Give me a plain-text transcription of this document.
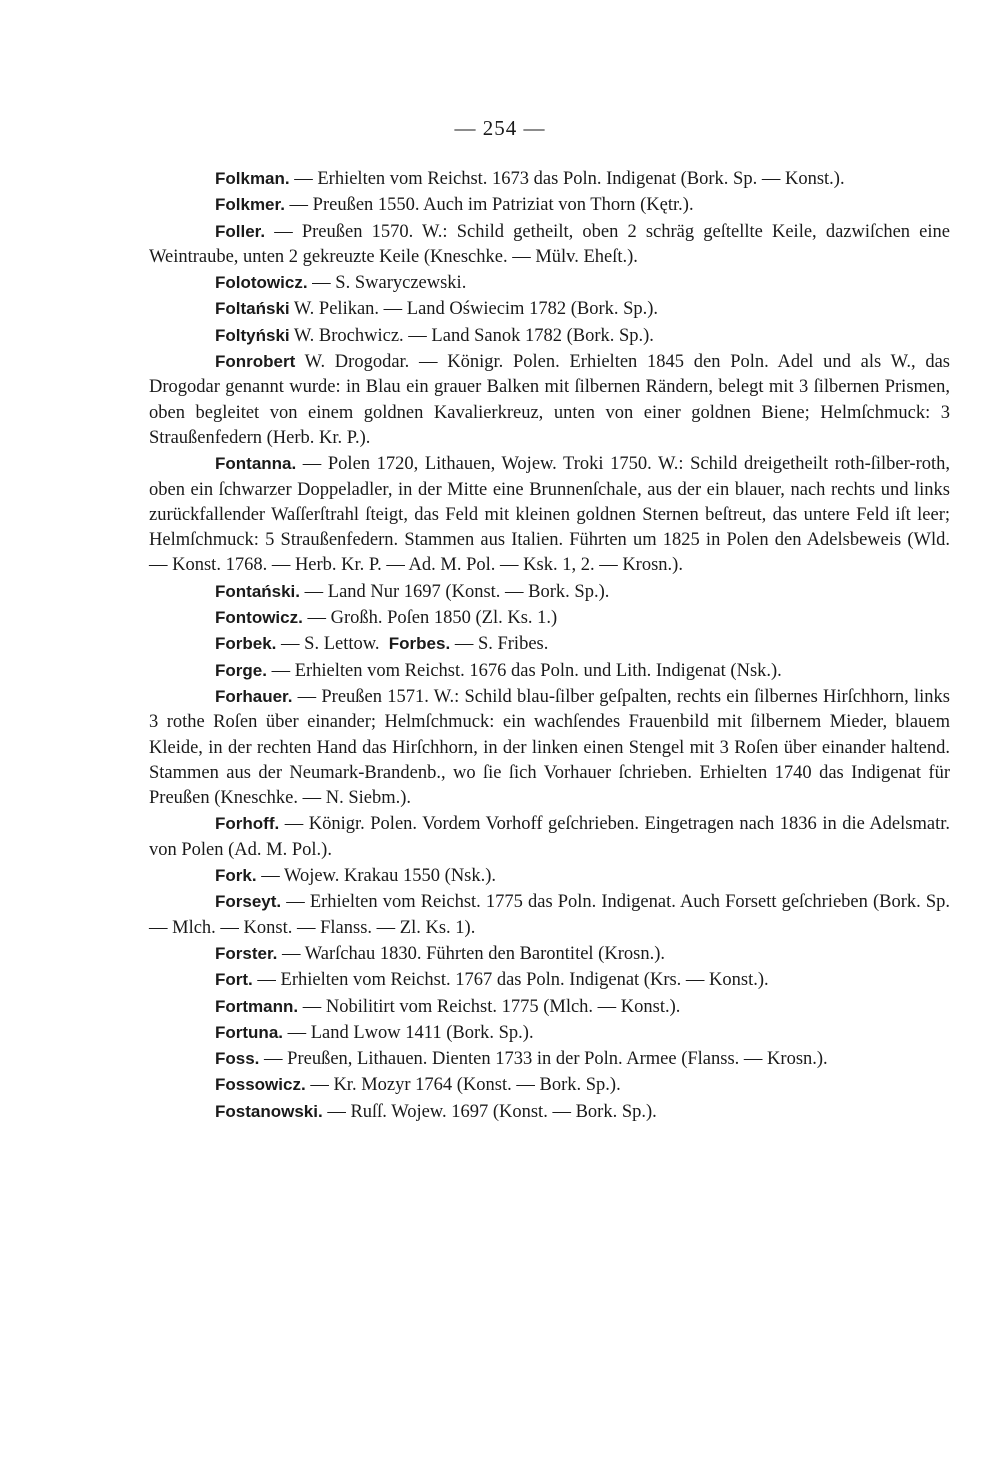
— 254 —

Folkman. — Erhielten vom Reichst. 1673 das Poln. Indigenat (Bork. Sp. — Konst.).

Folkmer. — Preußen 1550. Auch im Patriziat von Thorn (Kętr.).

Foller. — Preußen 1570. W.: Schild getheilt, oben 2 schräg geſtellte Keile, dazwiſchen eine Weintraube, unten 2 gekreuzte Keile (Kneschke. — Mülv. Eheſt.).

Folotowicz. — S. Swaryczewski.

Foltański W. Pelikan. — Land Oświecim 1782 (Bork. Sp.).

Foltyński W. Brochwicz. — Land Sanok 1782 (Bork. Sp.).

Fonrobert W. Drogodar. — Königr. Polen. Erhielten 1845 den Poln. Adel und als W., das Drogodar genannt wurde: in Blau ein grauer Balken mit ſilbernen Rändern, belegt mit 3 ſilbernen Prismen, oben begleitet von einem goldnen Kavalierkreuz, unten von einer goldnen Biene; Helmſchmuck: 3 Straußenfedern (Herb. Kr. P.).

Fontanna. — Polen 1720, Lithauen, Wojew. Troki 1750. W.: Schild dreigetheilt roth-ſilber-roth, oben ein ſchwarzer Doppeladler, in der Mitte eine Brunnenſchale, aus der ein blauer, nach rechts und links zurückfallender Waſſerſtrahl ſteigt, das Feld mit kleinen goldnen Sternen beſtreut, das untere Feld iſt leer; Helmſchmuck: 5 Straußenfedern. Stammen aus Italien. Führten um 1825 in Polen den Adelsbeweis (Wld. — Konst. 1768. — Herb. Kr. P. — Ad. M. Pol. — Ksk. 1, 2. — Krosn.).

Fontański. — Land Nur 1697 (Konst. — Bork. Sp.).

Fontowicz. — Großh. Poſen 1850 (Zl. Ks. 1.)

Forbek. — S. Lettow. Forbes. — S. Fribes.

Forge. — Erhielten vom Reichst. 1676 das Poln. und Lith. Indigenat (Nsk.).

Forhauer. — Preußen 1571. W.: Schild blau-ſilber geſpalten, rechts ein ſilbernes Hirſchhorn, links 3 rothe Roſen über einander; Helmſchmuck: ein wachſendes Frauenbild mit ſilbernem Mieder, blauem Kleide, in der rechten Hand das Hirſchhorn, in der linken einen Stengel mit 3 Roſen über einander haltend. Stammen aus der Neumark-Brandenb., wo ſie ſich Vorhauer ſchrieben. Erhielten 1740 das Indigenat für Preußen (Kneschke. — N. Siebm.).

Forhoff. — Königr. Polen. Vordem Vorhoff geſchrieben. Eingetragen nach 1836 in die Adelsmatr. von Polen (Ad. M. Pol.).

Fork. — Wojew. Krakau 1550 (Nsk.).

Forseyt. — Erhielten vom Reichst. 1775 das Poln. Indigenat. Auch Forsett geſchrieben (Bork. Sp. — Mlch. — Konst. — Flanss. — Zl. Ks. 1).

Forster. — Warſchau 1830. Führten den Barontitel (Krosn.).

Fort. — Erhielten vom Reichst. 1767 das Poln. Indigenat (Krs. — Konst.).

Fortmann. — Nobilitirt vom Reichst. 1775 (Mlch. — Konst.).

Fortuna. — Land Lwow 1411 (Bork. Sp.).

Foss. — Preußen, Lithauen. Dienten 1733 in der Poln. Armee (Flanss. — Krosn.).

Fossowicz. — Kr. Mozyr 1764 (Konst. — Bork. Sp.).

Fostanowski. — Ruſſ. Wojew. 1697 (Konst. — Bork. Sp.).
